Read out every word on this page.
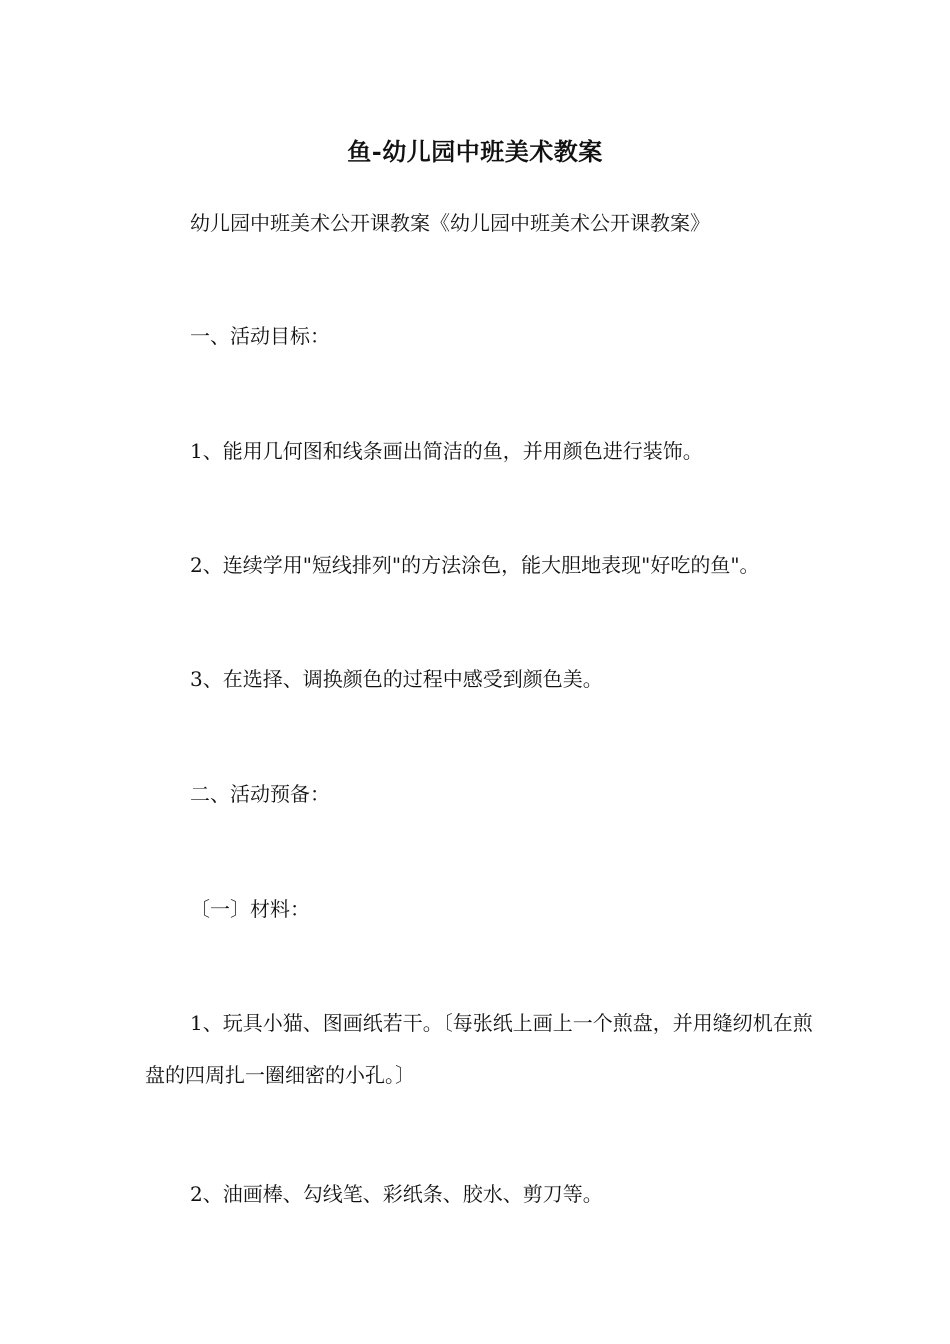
鱼-幼儿园中班美术教案
幼儿园中班美术公开课教案《幼儿园中班美术公开课教案》
一、活动目标：
1、能用几何图和线条画出简洁的鱼，并用颜色进行装饰。
2、连续学用"短线排列"的方法涂色，能大胆地表现"好吃的鱼"。
3、在选择、调换颜色的过程中感受到颜色美。
二、活动预备：
〔一〕材料：
1、玩具小猫、图画纸若干。〔每张纸上画上一个煎盘，并用缝纫机在煎盘的四周扎一圈细密的小孔。〕
2、油画棒、勾线笔、彩纸条、胶水、剪刀等。
